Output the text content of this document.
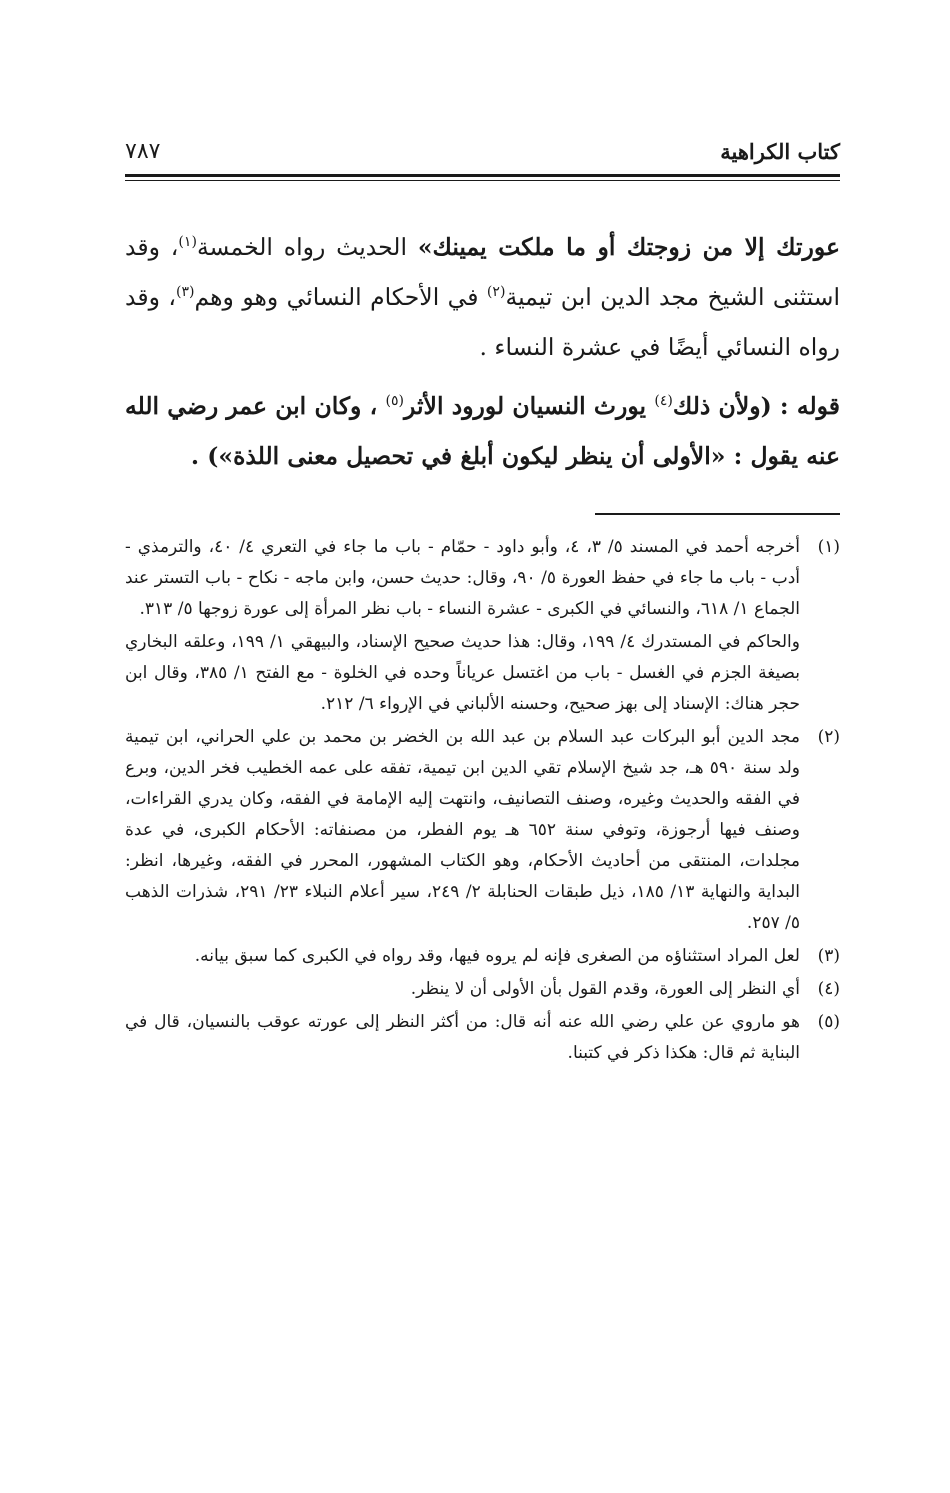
كتاب الكراهية
٧٨٧

عورتك إلا من زوجتك أو ما ملكت يمينك» الحديث رواه الخمسة$^{(١)}$، وقد استثنى الشيخ مجد الدين ابن تيمية$^{(٢)}$ في الأحكام النسائي وهو وهم$^{(٣)}$، وقد رواه النسائي أيضًا في عشرة النساء .

قوله : (ولأن ذلك$^{(٤)}$ يورث النسيان لورود الأثر$^{(٥)}$ ، وكان ابن عمر رضي الله عنه يقول : «الأولى أن ينظر ليكون أبلغ في تحصيل معنى اللذة») .

(١)

أخرجه أحمد في المسند ٥/ ٣، ٤، وأبو داود - حمّام - باب ما جاء في التعري ٤/ ٤٠، والترمذي - أدب - باب ما جاء في حفظ العورة ٥/ ٩٠، وقال: حديث حسن، وابن ماجه - نكاح - باب التستر عند الجماع ١/ ٦١٨، والنسائي في الكبرى - عشرة النساء - باب نظر المرأة إلى عورة زوجها ٥/ ٣١٣.

والحاكم في المستدرك ٤/ ١٩٩، وقال: هذا حديث صحيح الإسناد، والبيهقي ١/ ١٩٩، وعلقه البخاري بصيغة الجزم في الغسل - باب من اغتسل عرياناً وحده في الخلوة - مع الفتح ١/ ٣٨٥، وقال ابن حجر هناك: الإسناد إلى بهز صحيح، وحسنه الألباني في الإرواء ٦/ ٢١٢.

(٢)

مجد الدين أبو البركات عبد السلام بن عبد الله بن الخضر بن محمد بن علي الحراني، ابن تيمية ولد سنة ٥٩٠ هـ، جد شيخ الإسلام تقي الدين ابن تيمية، تفقه على عمه الخطيب فخر الدين، وبرع في الفقه والحديث وغيره، وصنف التصانيف، وانتهت إليه الإمامة في الفقه، وكان يدري القراءات، وصنف فيها أرجوزة، وتوفي سنة ٦٥٢ هـ يوم الفطر، من مصنفاته: الأحكام الكبرى، في عدة مجلدات، المنتقى من أحاديث الأحكام، وهو الكتاب المشهور، المحرر في الفقه، وغيرها، انظر: البداية والنهاية ١٣/ ١٨٥، ذيل طبقات الحنابلة ٢/ ٢٤٩، سير أعلام النبلاء ٢٣/ ٢٩١، شذرات الذهب ٥/ ٢٥٧.

(٣)

لعل المراد استثناؤه من الصغرى فإنه لم يروه فيها، وقد رواه في الكبرى كما سبق بيانه.

(٤)

أي النظر إلى العورة، وقدم القول بأن الأولى أن لا ينظر.

(٥)

هو ماروي عن علي رضي الله عنه أنه قال: من أكثر النظر إلى عورته عوقب بالنسيان، قال في البناية ثم قال: هكذا ذكر في كتبنا.
